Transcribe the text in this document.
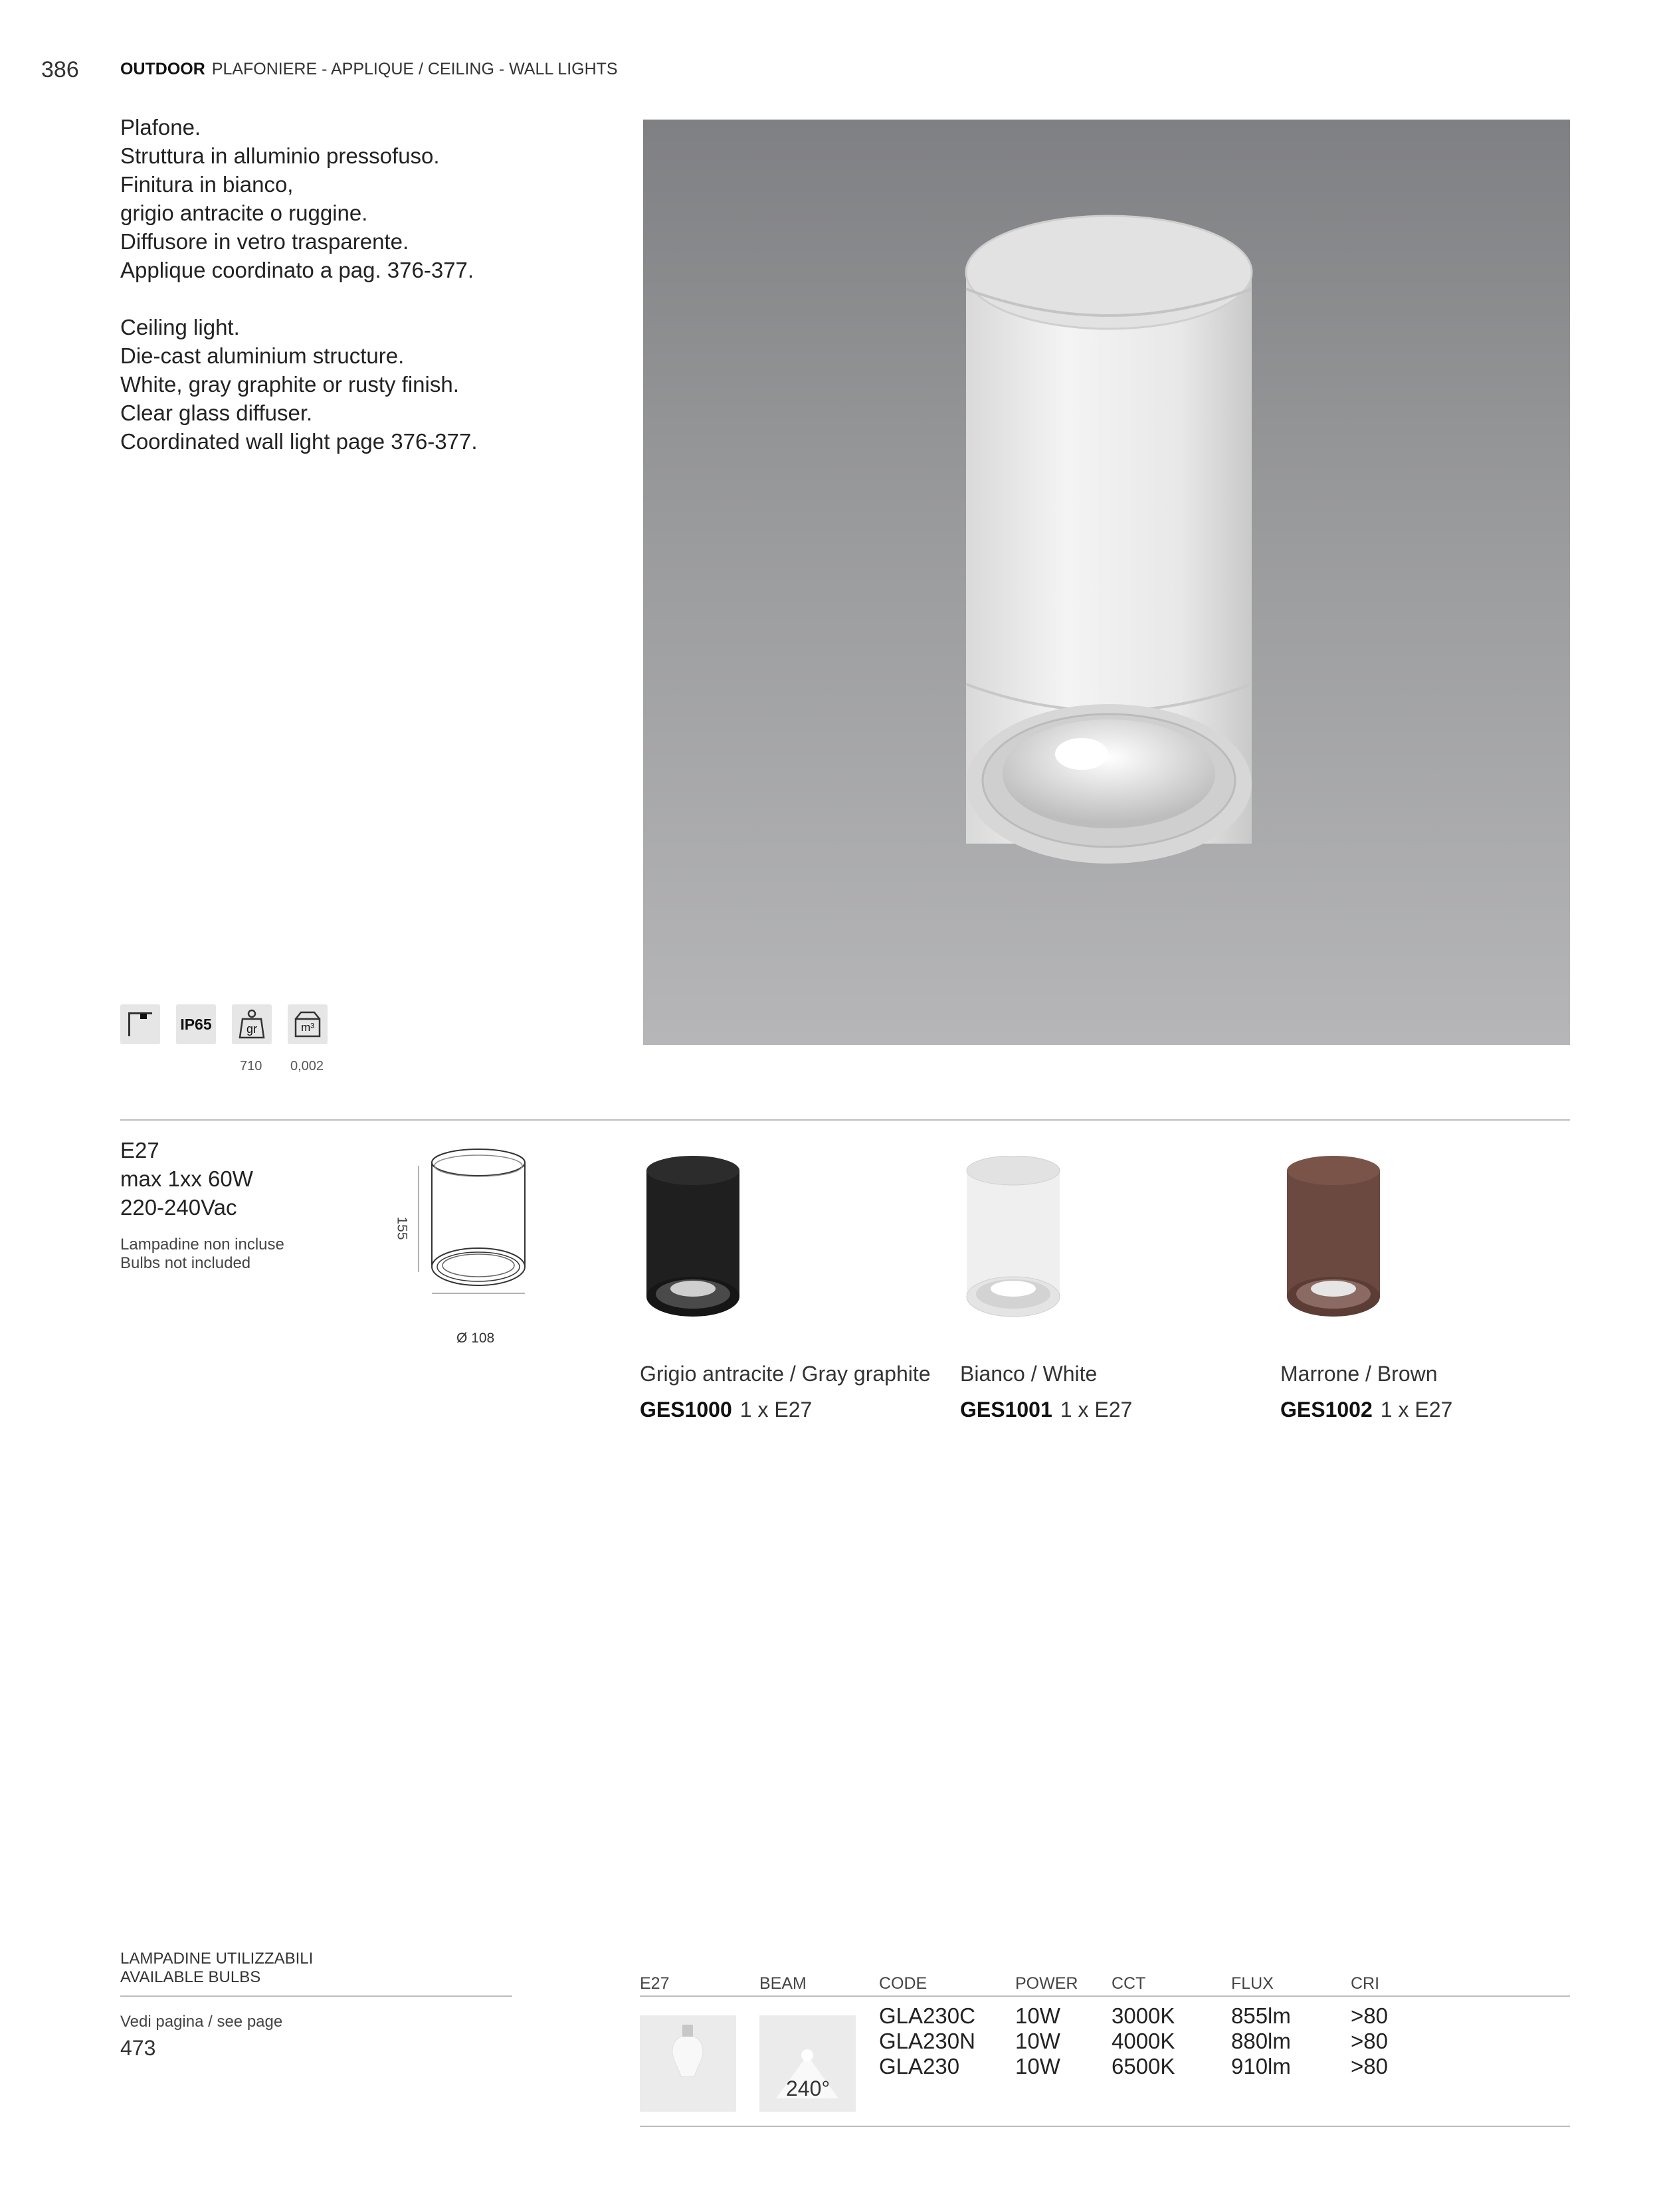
386 OUTDOOR PLAFONIERE - APPLIQUE / CEILING - WALL LIGHTS
Plafone.
Struttura in alluminio pressofuso.
Finitura in bianco,
grigio antracite o ruggine.
Diffusore in vetro trasparente.
Applique coordinato a pag. 376-377.
Ceiling light.
Die-cast aluminium structure.
White, gray graphite or rusty finish.
Clear glass diffuser.
Coordinated wall light page 376-377.
IP65	gr	m³
710 0,002
E27
max 1xx 60W
220-240Vac
Lampadine non incluse
Bulbs not included
155
Ø 108
Grigio antracite / Gray graphite
GES1000 1 x E27
Bianco / White
GES1001 1 x E27
Marrone / Brown
GES1002 1 x E27
LAMPADINE UTILIZZABILI
AVAILABLE BULBS
Vedi pagina / see page
473
E27	BEAM	CODE	POWER CCT	FLUX	CRI
240°
GLA230C 10W 3000K	855lm	>80
GLA230N 10W 4000K	880lm	>80
GLA230	10W 6500K	910lm	>80
